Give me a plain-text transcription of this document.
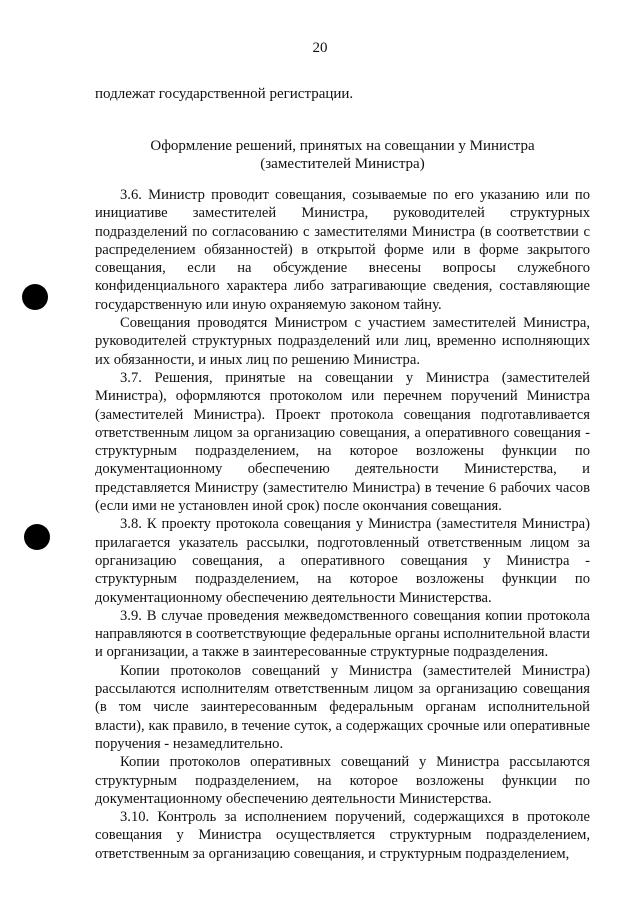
20
подлежат государственной регистрации.
Оформление решений, принятых на совещании у Министра
(заместителей Министра)

3.6. Министр проводит совещания, созываемые по его указанию или по инициативе заместителей Министра, руководителей структурных подразделений по согласованию с заместителями Министра (в соответствии с распределением обязанностей) в открытой форме или в форме закрытого совещания, если на обсуждение внесены вопросы служебного конфиденциального характера либо затрагивающие сведения, составляющие государственную или иную охраняемую законом тайну.

Совещания проводятся Министром с участием заместителей Министра, руководителей структурных подразделений или лиц, временно исполняющих их обязанности, и иных лиц по решению Министра.

3.7. Решения, принятые на совещании у Министра (заместителей Министра), оформляются протоколом или перечнем поручений Министра (заместителей Министра). Проект протокола совещания подготавливается ответственным лицом за организацию совещания, а оперативного совещания - структурным подразделением, на которое возложены функции по документационному обеспечению деятельности Министерства, и представляется Министру (заместителю Министра) в течение 6 рабочих часов (если ими не установлен иной срок) после окончания совещания.

3.8. К проекту протокола совещания у Министра (заместителя Министра) прилагается указатель рассылки, подготовленный ответственным лицом за организацию совещания, а оперативного совещания у Министра - структурным подразделением, на которое возложены функции по документационному обеспечению деятельности Министерства.

3.9. В случае проведения межведомственного совещания копии протокола направляются в соответствующие федеральные органы исполнительной власти и организации, а также в заинтересованные структурные подразделения.

Копии протоколов совещаний у Министра (заместителей Министра) рассылаются исполнителям ответственным лицом за организацию совещания (в том числе заинтересованным федеральным органам исполнительной власти), как правило, в течение суток, а содержащих срочные или оперативные поручения - незамедлительно.

Копии протоколов оперативных совещаний у Министра рассылаются структурным подразделением, на которое возложены функции по документационному обеспечению деятельности Министерства.

3.10. Контроль за исполнением поручений, содержащихся в протоколе совещания у Министра осуществляется структурным подразделением, ответственным за организацию совещания, и структурным подразделением,
